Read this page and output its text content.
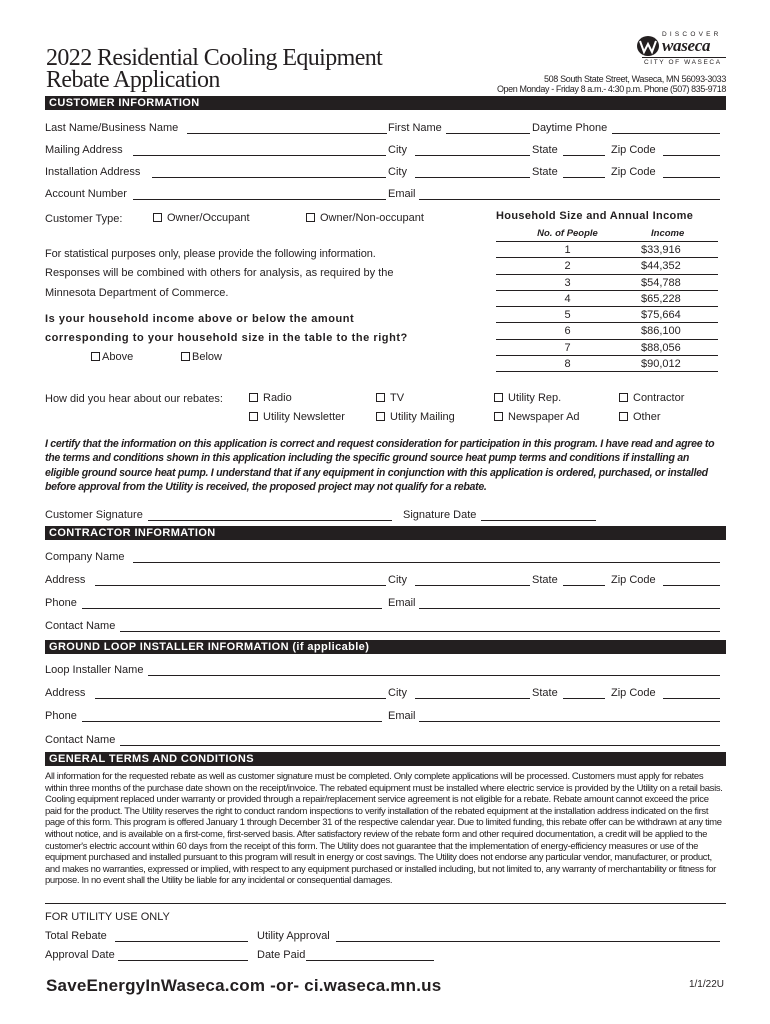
2022 Residential Cooling Equipment
Rebate Application
DISCOVER
waseca
CITY OF WASECA
508 South State Street, Waseca, MN 56093-3033
Open Monday - Friday 8 a.m.- 4:30 p.m. Phone (507) 835-9718
CUSTOMER INFORMATION
Last Name/Business Name	First Name	Daytime Phone
Mailing Address	City	State	Zip Code
Installation Address	City	State	Zip Code
Account Number	Email
Customer Type:	Owner/Occupant	Owner/Non-occupant
For statistical purposes only, please provide the following information.
Responses will be combined with others for analysis, as required by the
Minnesota Department of Commerce.
Is your household income above or below the amount
corresponding to your household size in the table to the right?
Above	Below
Household Size and Annual Income
No. of People	Income
1	$33,916
2	$44,352
3	$54,788
4	$65,228
5	$75,664
6	$86,100
7	$88,056
8	$90,012
How did you hear about our rebates:	Radio	TV	Utility Rep.	Contractor
Utility Newsletter	Utility Mailing	Newspaper Ad	Other
I certify that the information on this application is correct and request consideration for participation in this program. I have read and agree to the terms and conditions shown in this application including the specific ground source heat pump terms and conditions if installing an eligible ground source heat pump. I understand that if any equipment in conjunction with this application is ordered, purchased, or installed before approval from the Utility is received, the proposed project may not qualify for a rebate.
Customer Signature	Signature Date
CONTRACTOR INFORMATION
Company Name
Address	City	State	Zip Code
Phone	Email
Contact Name
GROUND LOOP INSTALLER INFORMATION (if applicable)
Loop Installer Name
Address	City	State	Zip Code
Phone	Email
Contact Name
GENERAL TERMS AND CONDITIONS
All information for the requested rebate as well as customer signature must be completed. Only complete applications will be processed. Customers must apply for rebates within three months of the purchase date shown on the receipt/invoice. The rebated equipment must be installed where electric service is provided by the Utility on a retail basis. Cooling equipment replaced under warranty or provided through a repair/replacement service agreement is not eligible for a rebate. Rebate amount cannot exceed the price paid for the product. The Utility reserves the right to conduct random inspections to verify installation of the rebated equipment at the installation address indicated on the first page of this form. This program is offered January 1 through December 31 of the respective calendar year. Due to limited funding, this rebate offer can be withdrawn at any time without notice, and is available on a first-come, first-served basis. After satisfactory review of the rebate form and other required documentation, a credit will be applied to the customer's electric account within 60 days from the receipt of this form. The Utility does not guarantee that the implementation of energy-efficiency measures or use of the equipment purchased and installed pursuant to this program will result in energy or cost savings. The Utility does not endorse any particular vendor, manufacturer, or product, and makes no warranties, expressed or implied, with respect to any equipment purchased or installed including, but not limited to, any warranty of merchantability or fitness for purpose. In no event shall the Utility be liable for any incidental or consequential damages.
FOR UTILITY USE ONLY
Total Rebate	Utility Approval
Approval Date	Date Paid
SaveEnergyInWaseca.com -or- ci.waseca.mn.us	1/1/22U
